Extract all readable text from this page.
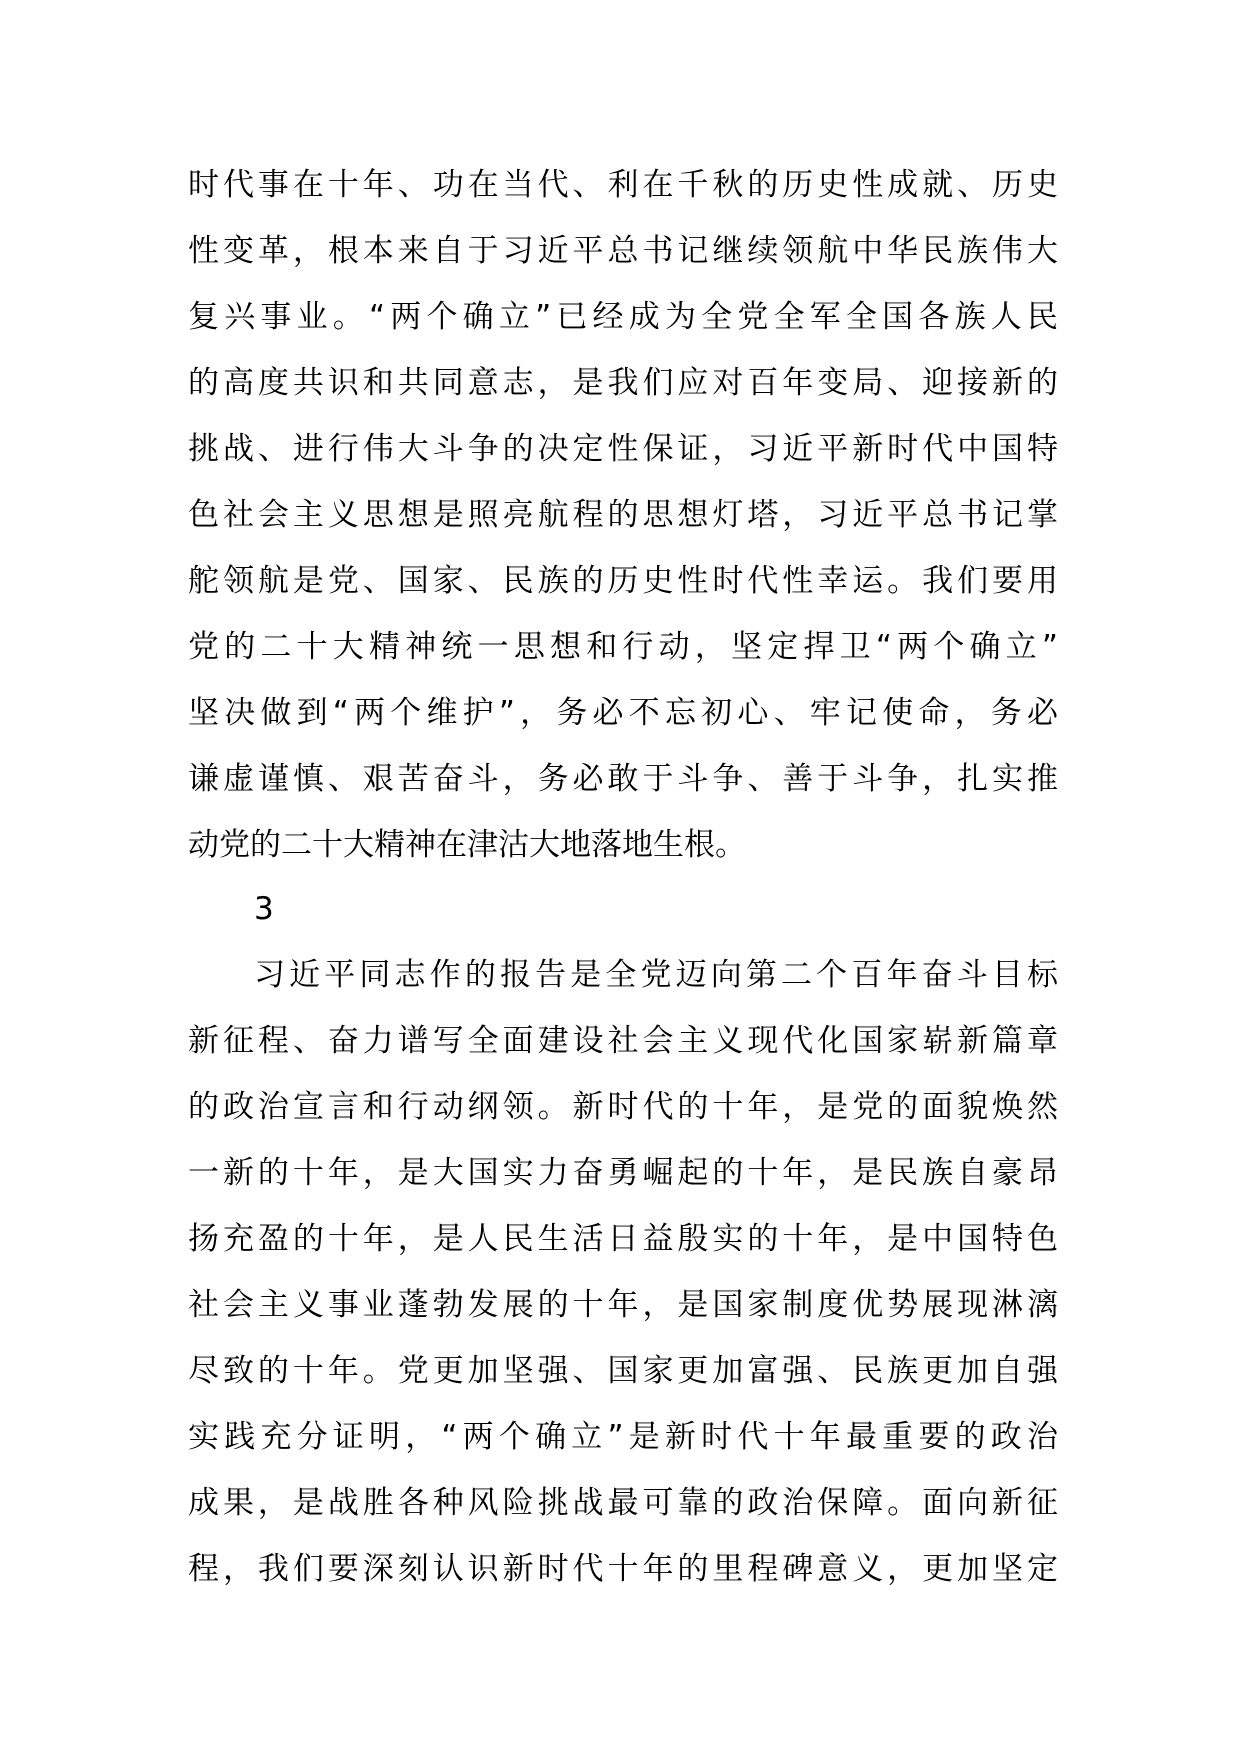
时代事在十年、功在当代、利在千秋的历史性成就、历史
性变革，根本来自于习近平总书记继续领航中华民族伟大
复兴事业。“两个确立”已经成为全党全军全国各族人民
的高度共识和共同意志，是我们应对百年变局、迎接新的
挑战、进行伟大斗争的决定性保证，习近平新时代中国特
色社会主义思想是照亮航程的思想灯塔，习近平总书记掌
舵领航是党、国家、民族的历史性时代性幸运。我们要用
党的二十大精神统一思想和行动，坚定捍卫“两个确立”
坚决做到“两个维护”，务必不忘初心、牢记使命，务必
谦虚谨慎、艰苦奋斗，务必敢于斗争、善于斗争，扎实推
动党的二十大精神在津沽大地落地生根。
3
习近平同志作的报告是全党迈向第二个百年奋斗目标
新征程、奋力谱写全面建设社会主义现代化国家崭新篇章
的政治宣言和行动纲领。新时代的十年，是党的面貌焕然
一新的十年，是大国实力奋勇崛起的十年，是民族自豪昂
扬充盈的十年，是人民生活日益殷实的十年，是中国特色
社会主义事业蓬勃发展的十年，是国家制度优势展现淋漓
尽致的十年。党更加坚强、国家更加富强、民族更加自强
实践充分证明，“两个确立”是新时代十年最重要的政治
成果，是战胜各种风险挑战最可靠的政治保障。面向新征
程，我们要深刻认识新时代十年的里程碑意义，更加坚定
